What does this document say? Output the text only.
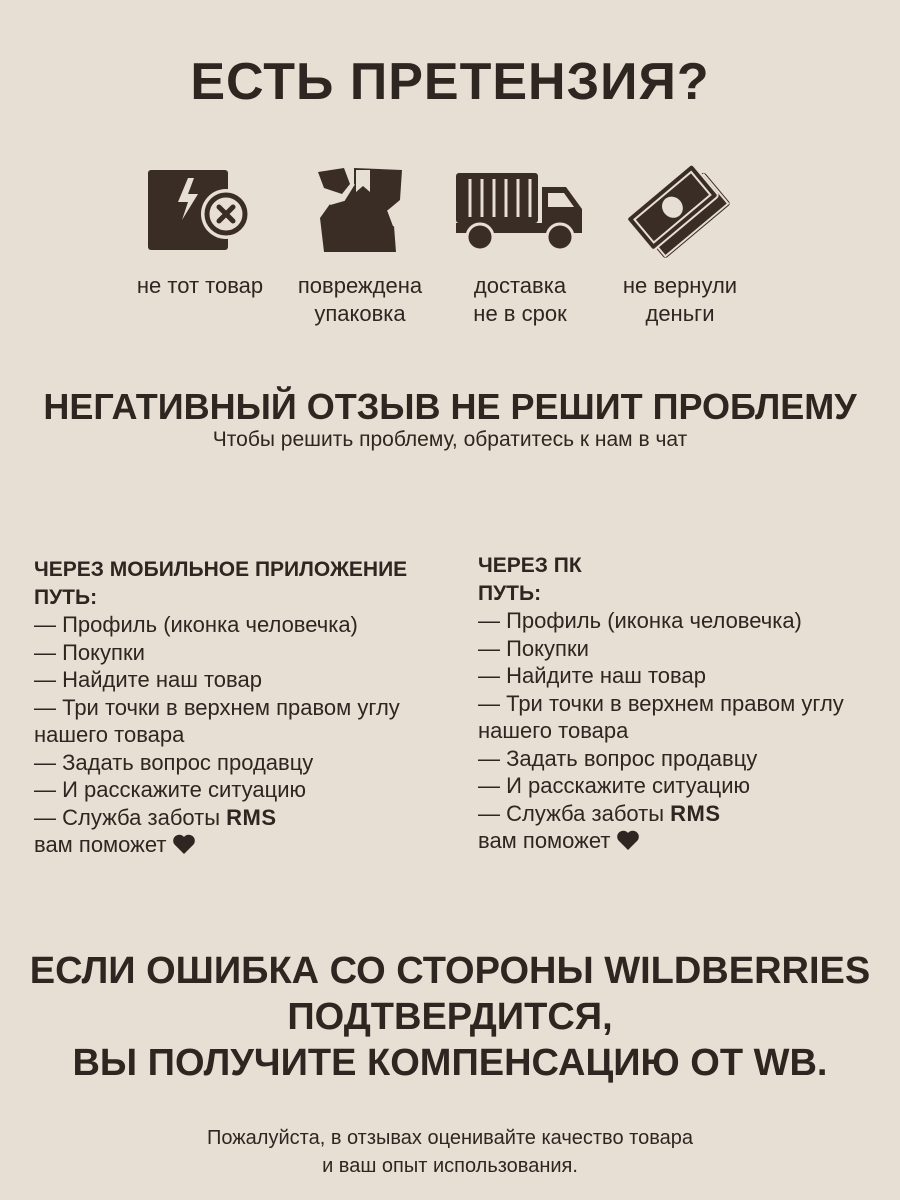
ЕСТЬ ПРЕТЕНЗИЯ?
не тот товар повреждена
упаковка
доставка
не в срок
не вернули
деньги
НЕГАТИВНЫЙ ОТЗЫВ НЕ РЕШИТ ПРОБЛЕМУ
Чтобы решить проблему, обратитесь к нам в чат
ЧЕРЕЗ МОБИЛЬНОЕ ПРИЛОЖЕНИЕ
ПУТЬ:
— Профиль (иконка человечка)
— Покупки
— Найдите наш товар
— Три точки в верхнем правом углу
нашего товара
— Задать вопрос продавцу
— И расскажите ситуацию
— Служба заботы RMS
вам поможет
ЧЕРЕЗ ПК
ПУТЬ:
— Профиль (иконка человечка)
— Покупки
— Найдите наш товар
— Три точки в верхнем правом углу
нашего товара
— Задать вопрос продавцу
— И расскажите ситуацию
— Служба заботы RMS
вам поможет
ЕСЛИ ОШИБКА СО СТОРОНЫ WILDBERRIES
ПОДТВЕРДИТСЯ,
ВЫ ПОЛУЧИТЕ КОМПЕНСАЦИЮ ОТ WB.
Пожалуйста, в отзывах оценивайте качество товара
и ваш опыт использования.
